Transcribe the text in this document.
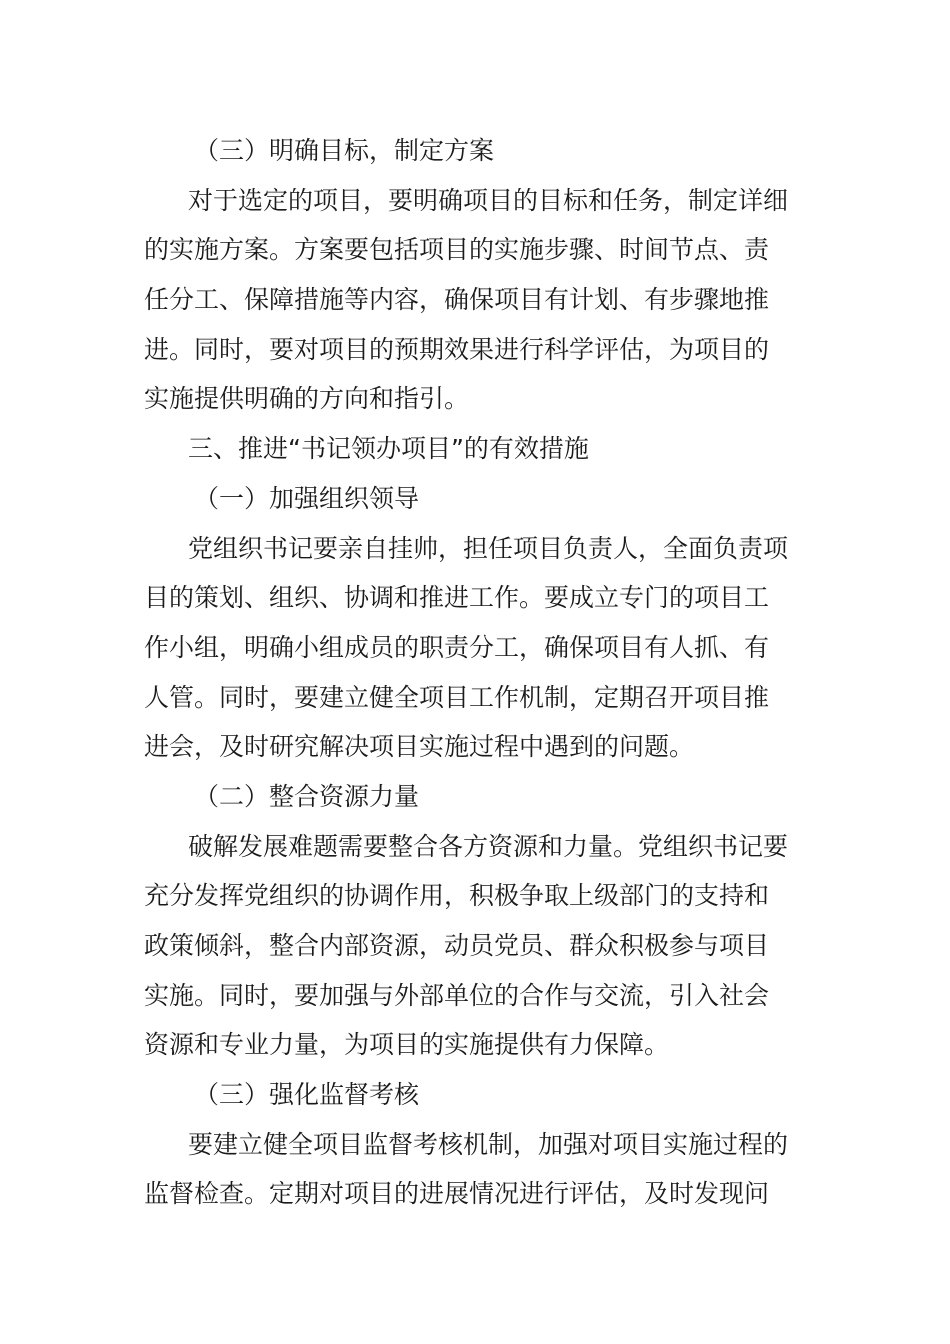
（三）明确目标，制定方案
对于选定的项目，要明确项目的目标和任务，制定详细
的实施方案。方案要包括项目的实施步骤、时间节点、责
任分工、保障措施等内容，确保项目有计划、有步骤地推
进。同时，要对项目的预期效果进行科学评估，为项目的
实施提供明确的方向和指引。
三、推进“书记领办项目”的有效措施
（一）加强组织领导
党组织书记要亲自挂帅，担任项目负责人，全面负责项
目的策划、组织、协调和推进工作。要成立专门的项目工
作小组，明确小组成员的职责分工，确保项目有人抓、有
人管。同时，要建立健全项目工作机制，定期召开项目推
进会，及时研究解决项目实施过程中遇到的问题。
（二）整合资源力量
破解发展难题需要整合各方资源和力量。党组织书记要
充分发挥党组织的协调作用，积极争取上级部门的支持和
政策倾斜，整合内部资源，动员党员、群众积极参与项目
实施。同时，要加强与外部单位的合作与交流，引入社会
资源和专业力量，为项目的实施提供有力保障。
（三）强化监督考核
要建立健全项目监督考核机制，加强对项目实施过程的
监督检查。定期对项目的进展情况进行评估，及时发现问
